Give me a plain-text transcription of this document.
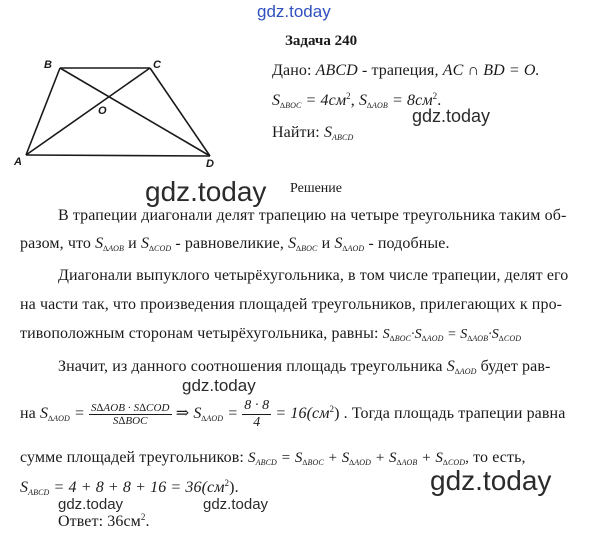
gdz.today
B	C
O
A	D
Задача 240
Дано: ABCD - трапеция, AC ∩ BD = O.
$S_{\Delta BOC} = 4см^2$, $S_{\Delta AOB} = 8см^2$.
gdz.today
Найти: $S_{ABCD}$
gdz.today Решение
В трапеции диагонали делят трапецию на четыре треугольника таким об-
разом, что $S_{\Delta AOB}$ и $S_{\Delta COD}$ - равновеликие, $S_{\Delta BOC}$ и $S_{\Delta AOD}$ - подобные.
Диагонали выпуклого четырёхугольника, в том числе трапеции, делят его
на части так, что произведения площадей треугольников, прилегающих к про-
тивоположным сторонам четырёхугольника, равны: $S_{\Delta BOC}\cdot S_{\Delta AOD} = S_{\Delta AOB}\cdot S_{\Delta COD}$
Значит, из данного соотношения площадь треугольника $S_{\Delta AOD}$ будет рав-
gdz.today
на $S_{\Delta AOD} = \frac{\text{S∆AOB · S∆COD}}{\text{S∆BOC}}$ ⇒ $S_{\Delta AOD} = \frac{8 \cdot 8}{4} = 16(см^2)$ . Тогда площадь трапеции равна
сумме площадей треугольников: $S_{ABCD} = S_{\Delta BOC} + S_{\Delta AOD} + S_{\Delta AOB} + S_{\Delta COD}$, то есть,
$S_{ABCD} = 4 + 8 + 8 + 16 = 36(см^2)$.	gdz.today
gdz.today	gdz.today
Ответ: $36см^2$.
